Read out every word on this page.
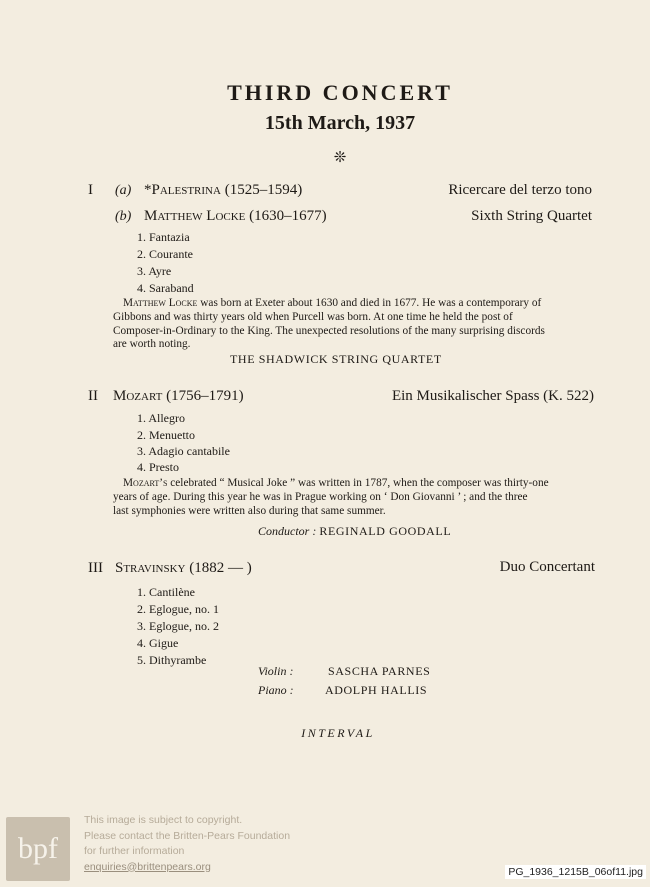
THIRD CONCERT
15th March, 1937
❊
I (a) *Palestrina (1525–1594)	Ricercare del terzo tono
(b) Matthew Locke (1630–1677)	Sixth String Quartet
1. Fantazia
2. Courante
3. Ayre
4. Saraband
Matthew Locke was born at Exeter about 1630 and died in 1677. He was a contemporary of
Gibbons and was thirty years old when Purcell was born. At one time he held the post of
Composer-in-Ordinary to the King. The unexpected resolutions of the many surprising discords
are worth noting.
THE SHADWICK STRING QUARTET
II Mozart (1756–1791)	Ein Musikalischer Spass (K. 522)
1. Allegro
2. Menuetto
3. Adagio cantabile
4. Presto
Mozart’s celebrated “ Musical Joke ” was written in 1787, when the composer was thirty-one
years of age. During this year he was in Prague working on ‘ Don Giovanni ’ ; and the three
last symphonies were written also during that same summer.
Conductor : REGINALD GOODALL
III Stravinsky (1882 — )	Duo Concertant
1. Cantilène
2. Eglogue, no. 1
3. Eglogue, no. 2
4. Gigue
5. Dithyrambe
Violin :	SASCHA PARNES
Piano :	ADOLPH HALLIS
INTERVAL
bpf
This image is subject to copyright.
Please contact the Britten-Pears Foundation
for further information
enquiries@brittenpears.org	PG_1936_1215B_06of11.jpg
